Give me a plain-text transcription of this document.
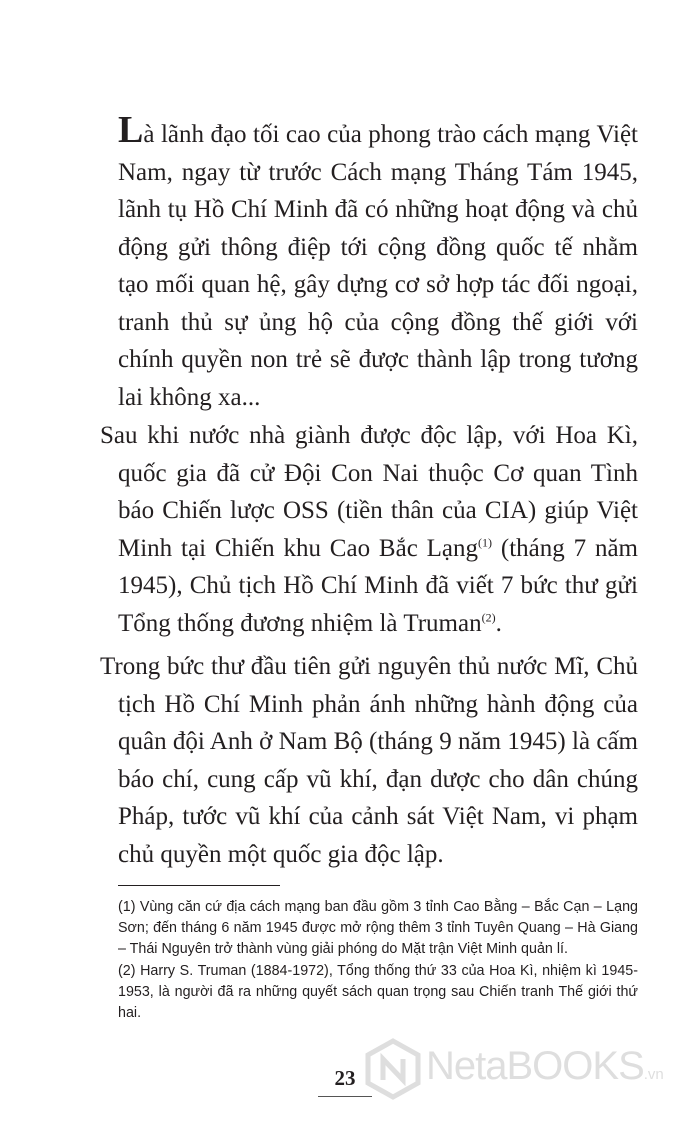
Là lãnh đạo tối cao của phong trào cách mạng Việt Nam, ngay từ trước Cách mạng Tháng Tám 1945, lãnh tụ Hồ Chí Minh đã có những hoạt động và chủ động gửi thông điệp tới cộng đồng quốc tế nhằm tạo mối quan hệ, gây dựng cơ sở hợp tác đối ngoại, tranh thủ sự ủng hộ của cộng đồng thế giới với chính quyền non trẻ sẽ được thành lập trong tương lai không xa...

Sau khi nước nhà giành được độc lập, với Hoa Kì, quốc gia đã cử Đội Con Nai thuộc Cơ quan Tình báo Chiến lược OSS (tiền thân của CIA) giúp Việt Minh tại Chiến khu Cao Bắc Lạng$^{(1)}$ (tháng 7 năm 1945), Chủ tịch Hồ Chí Minh đã viết 7 bức thư gửi Tổng thống đương nhiệm là Truman$^{(2)}$.

Trong bức thư đầu tiên gửi nguyên thủ nước Mĩ, Chủ tịch Hồ Chí Minh phản ánh những hành động của quân đội Anh ở Nam Bộ (tháng 9 năm 1945) là cấm báo chí, cung cấp vũ khí, đạn dược cho dân chúng Pháp, tước vũ khí của cảnh sát Việt Nam, vi phạm chủ quyền một quốc gia độc lập.

(1) Vùng căn cứ địa cách mạng ban đầu gồm 3 tỉnh Cao Bằng – Bắc Cạn – Lạng Sơn; đến tháng 6 năm 1945 được mở rộng thêm 3 tỉnh Tuyên Quang – Hà Giang – Thái Nguyên trở thành vùng giải phóng do Mặt trận Việt Minh quản lí.

(2) Harry S. Truman (1884-1972), Tổng thống thứ 33 của Hoa Kì, nhiệm kì 1945-1953, là người đã ra những quyết sách quan trọng sau Chiến tranh Thế giới thứ hai.

23	NetaBOOKS.vn
